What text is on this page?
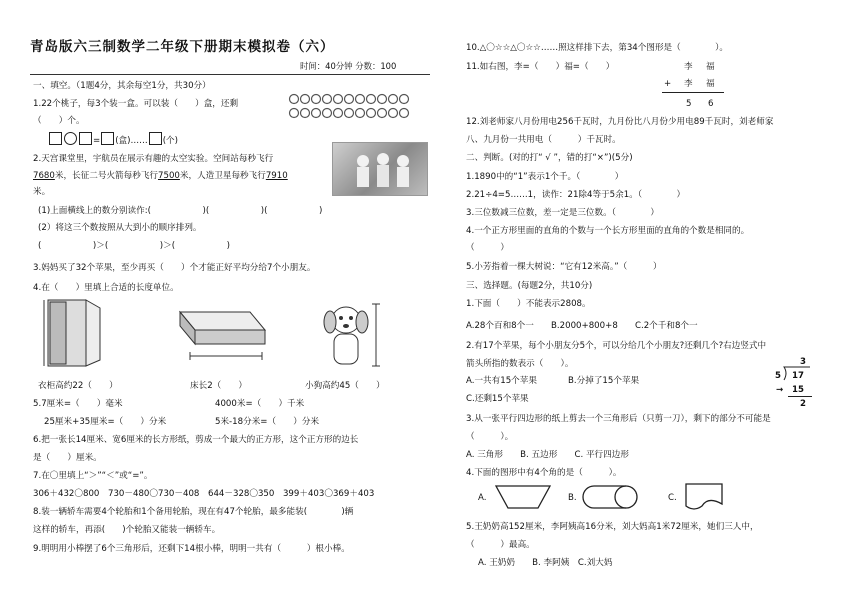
青岛版六三制数学二年级下册期末模拟卷（六）
时间：40分钟 分数：100
一、填空。（1题4分，其余每空1分，共30分）
1.22个桃子，每3个装一盒。可以装（　　）盒，还剩
（　　）个。
= (盒)…… (个)
2.天宫课堂里，宇航员在展示有趣的太空实验。空间站每秒飞行
7680米，长征二号火箭每秒飞行7500米，人造卫星每秒飞行7910
米。
(1)上面横线上的数分别读作:(　　　　　　)(　　　　　　)(　　　　　　)
(2）将这三个数按照从大到小的顺序排列。
(　　　　　　)＞(　　　　　　)＞(　　　　　　)
3.妈妈买了32个苹果，至少再买（　　）个才能正好平均分给7个小朋友。
4.在（　　）里填上合适的长度单位。
衣柜高约22（　　）	床长2（　　）	小狗高约45（　　）
5.7厘米=（　　）毫米	4000米=（　　）千米
25厘米+35厘米=（　　）分米	5米-18分米=（　　）分米
6.把一张长14厘米、宽6厘米的长方形纸，剪成一个最大的正方形，这个正方形的边长
是（　　）厘米。
7.在〇里填上“＞”“＜”或“=”。
306＋432〇800　730－480〇730－408　644－328〇350　399＋403〇369＋403
8.装一辆轿车需要4个轮胎和1个备用轮胎，现在有47个轮胎，最多能装(　　　　)辆
这样的轿车，再添(　　)个轮胎又能装一辆轿车。
9.明明用小棒摆了6个三角形后，还剩下14根小棒，明明一共有（　　　）根小棒。
10.△〇☆☆△〇☆☆……照这样排下去，第34个图形是（　　　　）。
11.如右图，李=（　　）福=（　　）	李 福
+ 李 福
5 6
12.刘老师家八月份用电256千瓦时，九月份比八月份少用电89千瓦时，刘老师家
八、九月份一共用电（　　　）千瓦时。
二、判断。(对的打“ √ ”，错的打“×”)(5分)
1.1890中的“1”表示1个千。（　　　　）
2.21÷4=5……1，读作：21除4等于5余1。（　　　　）
3.三位数减三位数，差一定是三位数。（　　　　）
4.一个正方形里面的直角的个数与一个长方形里面的直角的个数是相同的。
（　　　）
5.小芳指着一棵大树说：“它有12米高。”（　　　）
三、选择题。(每题2分，共10分)
1.下面（　　）不能表示2808。
A.28个百和8个一　　B.2000+800+8　　C.2个千和8个一
2.有17个苹果，每个小朋友分5个，可以分给几个小朋友?还剩几个?右边竖式中
箭头所指的数表示（　　）。
A.一共有15个苹果	B.分掉了15个苹果
C.还剩15个苹果
3
5 17
→ 15
2
3.从一张平行四边形的纸上剪去一个三角形后（只剪一刀），剩下的部分不可能是
（　　　）。
A. 三角形　　B. 五边形　　C. 平行四边形
4.下面的图形中有4个角的是（　　　）。
A.	B.	C.
5.王奶奶高152厘米，李阿姨高16分米，刘大妈高1米72厘米，她们三人中，
（　　　）最高。
A. 王奶奶　　B. 李阿姨　C.刘大妈
